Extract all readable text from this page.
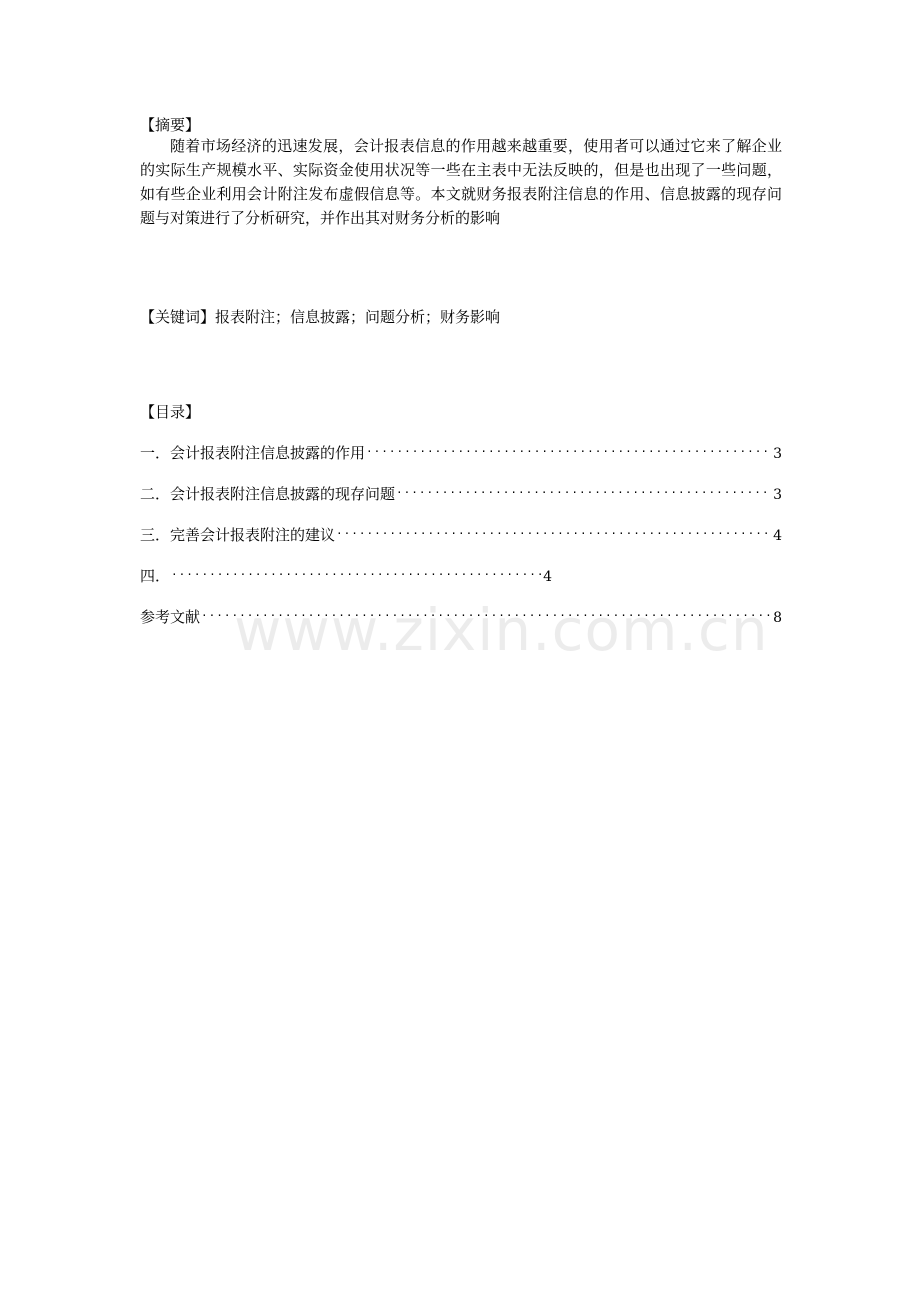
【摘要】
随着市场经济的迅速发展，会计报表信息的作用越来越重要，使用者可以通过它来了解企业的实际生产规模水平、实际资金使用状况等一些在主表中无法反映的，但是也出现了一些问题，如有些企业利用会计附注发布虚假信息等。本文就财务报表附注信息的作用、信息披露的现存问题与对策进行了分析研究，并作出其对财务分析的影响
【关键词】报表附注；信息披露；问题分析；财务影响
【目录】
一．会计报表附注信息披露的作用 ·····	3
二．会计报表附注信息披露的现存问题 ·····	3
三．完善会计报表附注的建议 ·····	4
四． ·····	4
参考文献 ·····	8
www.zixin.com.cn
